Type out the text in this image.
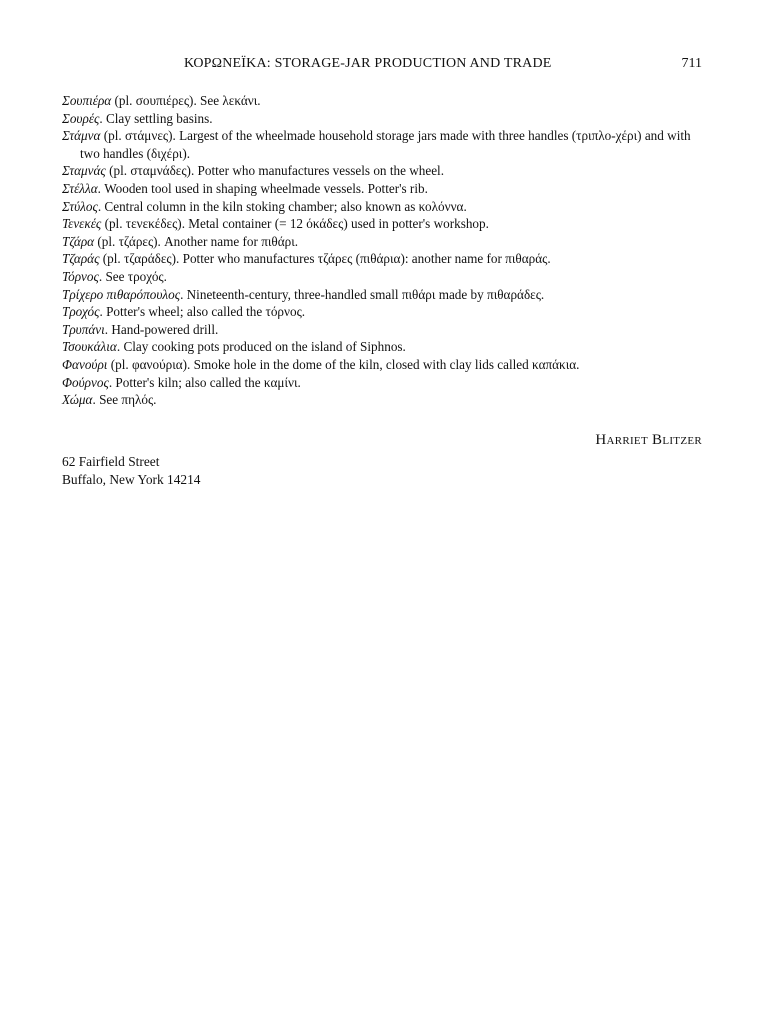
ΚΟΡΩΝΕΪΚΑ: STORAGE-JAR PRODUCTION AND TRADE	711

Σουπιέρα (pl. σουπιέρες). See λεκάνι.

Σουρές. Clay settling basins.

Στάμνα (pl. στάμνες). Largest of the wheelmade household storage jars made with three handles (τριπλο-χέρι) and with two handles (διχέρι).

Σταμνάς (pl. σταμνάδες). Potter who manufactures vessels on the wheel.

Στέλλα. Wooden tool used in shaping wheelmade vessels. Potter's rib.

Στύλος. Central column in the kiln stoking chamber; also known as κολόννα.

Τενεκές (pl. τενεκέδες). Metal container (= 12 όκάδες) used in potter's workshop.

Τζάρα (pl. τζάρες). Another name for πιθάρι.

Τζαράς (pl. τζαράδες). Potter who manufactures τζάρες (πιθάρια): another name for πιθαράς.

Τόρνος. See τροχός.

Τρίχερο πιθαρόπουλος. Nineteenth-century, three-handled small πιθάρι made by πιθαράδες.

Τροχός. Potter's wheel; also called the τόρνος.

Τρυπάνι. Hand-powered drill.

Τσουκάλια. Clay cooking pots produced on the island of Siphnos.

Φανούρι (pl. φανούρια). Smoke hole in the dome of the kiln, closed with clay lids called καπάκια.

Φούρνος. Potter's kiln; also called the καμίνι.

Χώμα. See πηλός.

Harriet Blitzer
62 Fairfield Street
Buffalo, New York 14214
